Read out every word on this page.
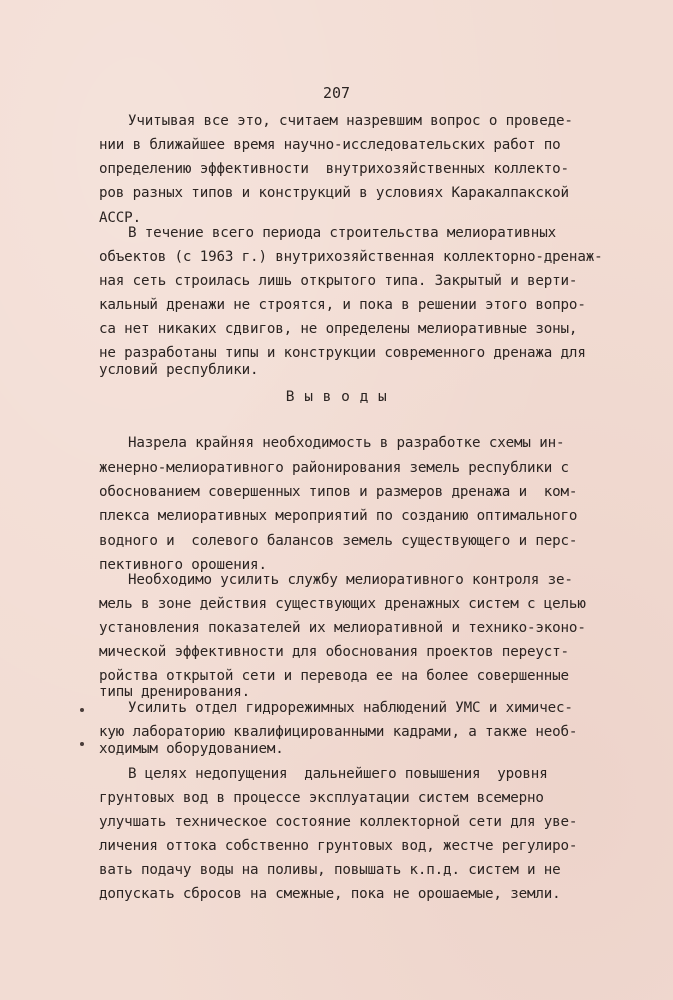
207
Учитывая все это, считаем назревшим вопрос о проведе-
нии в ближайшее время научно-исследовательских работ по
определению эффективности  внутрихозяйственных коллекто-
ров разных типов и конструкций в условиях Каракалпакской
АССР.
В течение всего периода строительства мелиоративных
объектов (с 1963 г.) внутрихозяйственная коллекторно-дренаж-
ная сеть строилась лишь открытого типа. Закрытый и верти-
кальный дренажи не строятся, и пока в решении этого вопро-
са нет никаких сдвигов, не определены мелиоративные зоны,
не разработаны типы и конструкции современного дренажа для
условий республики.
В ы в о д ы
Назрела крайняя необходимость в разработке схемы ин-
женерно-мелиоративного районирования земель республики с
обоснованием совершенных типов и размеров дренажа и  ком-
плекса мелиоративных мероприятий по созданию оптимального
водного и  солевого балансов земель существующего и перс-
пективного орошения.
Необходимо усилить службу мелиоративного контроля зе-
мель в зоне действия существующих дренажных систем с целью
установления показателей их мелиоративной и технико-эконо-
мической эффективности для обоснования проектов переуст-
ройства открытой сети и перевода ее на более совершенные
типы дренирования.
Усилить отдел гидрорежимных наблюдений УМС и химичес-
кую лабораторию квалифицированными кадрами, а также необ-
ходимым оборудованием.
В целях недопущения  дальнейшего повышения  уровня
грунтовых вод в процессе эксплуатации систем всемерно
улучшать техническое состояние коллекторной сети для уве-
личения оттока собственно грунтовых вод, жестче регулиро-
вать подачу воды на поливы, повышать к.п.д. систем и не
допускать сбросов на смежные, пока не орошаемые, земли.
